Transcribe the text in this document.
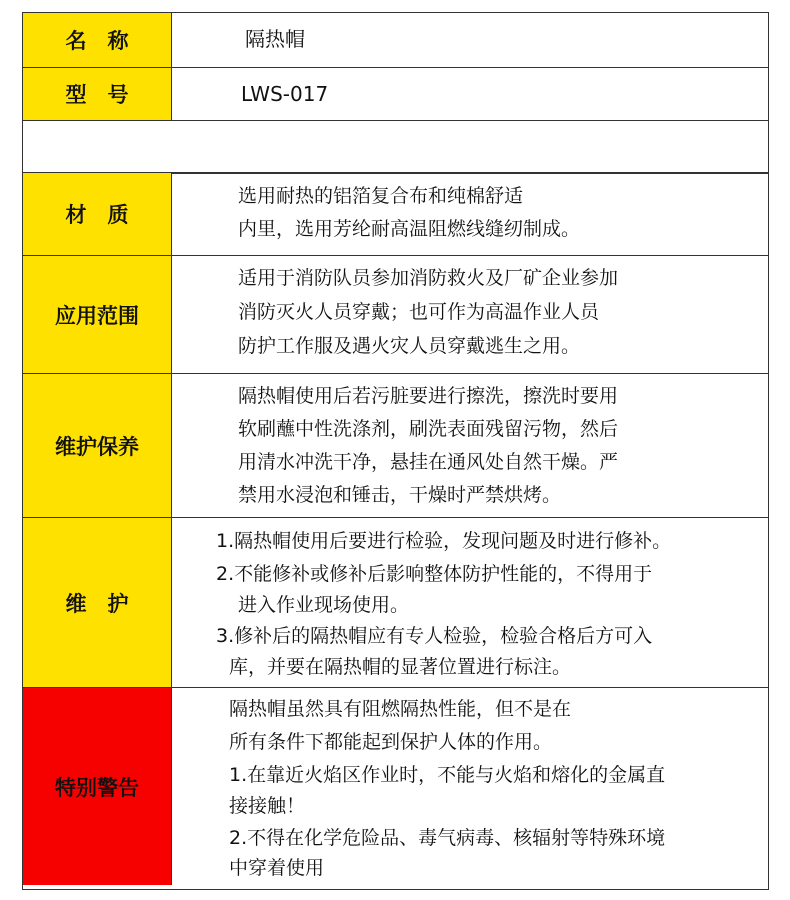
名　称	隔热帽
型　号	LWS-017
材　质
选用耐热的铝箔复合布和纯棉舒适
内里，选用芳纶耐高温阻燃线缝纫制成。
应用范围
适用于消防队员参加消防救火及厂矿企业参加
消防灭火人员穿戴；也可作为高温作业人员
防护工作服及遇火灾人员穿戴逃生之用。
维护保养
隔热帽使用后若污脏要进行擦洗，擦洗时要用
软刷蘸中性洗涤剂，刷洗表面残留污物，然后
用清水冲洗干净，悬挂在通风处自然干燥。严
禁用水浸泡和锤击，干燥时严禁烘烤。
维　护
1.隔热帽使用后要进行检验，发现问题及时进行修补。
2.不能修补或修补后影响整体防护性能的，不得用于
进入作业现场使用。
3.修补后的隔热帽应有专人检验，检验合格后方可入
库，并要在隔热帽的显著位置进行标注。
特别警告
隔热帽虽然具有阻燃隔热性能，但不是在
所有条件下都能起到保护人体的作用。
1.在靠近火焰区作业时，不能与火焰和熔化的金属直
接接触！
2.不得在化学危险品、毒气病毒、核辐射等特殊环境
中穿着使用
